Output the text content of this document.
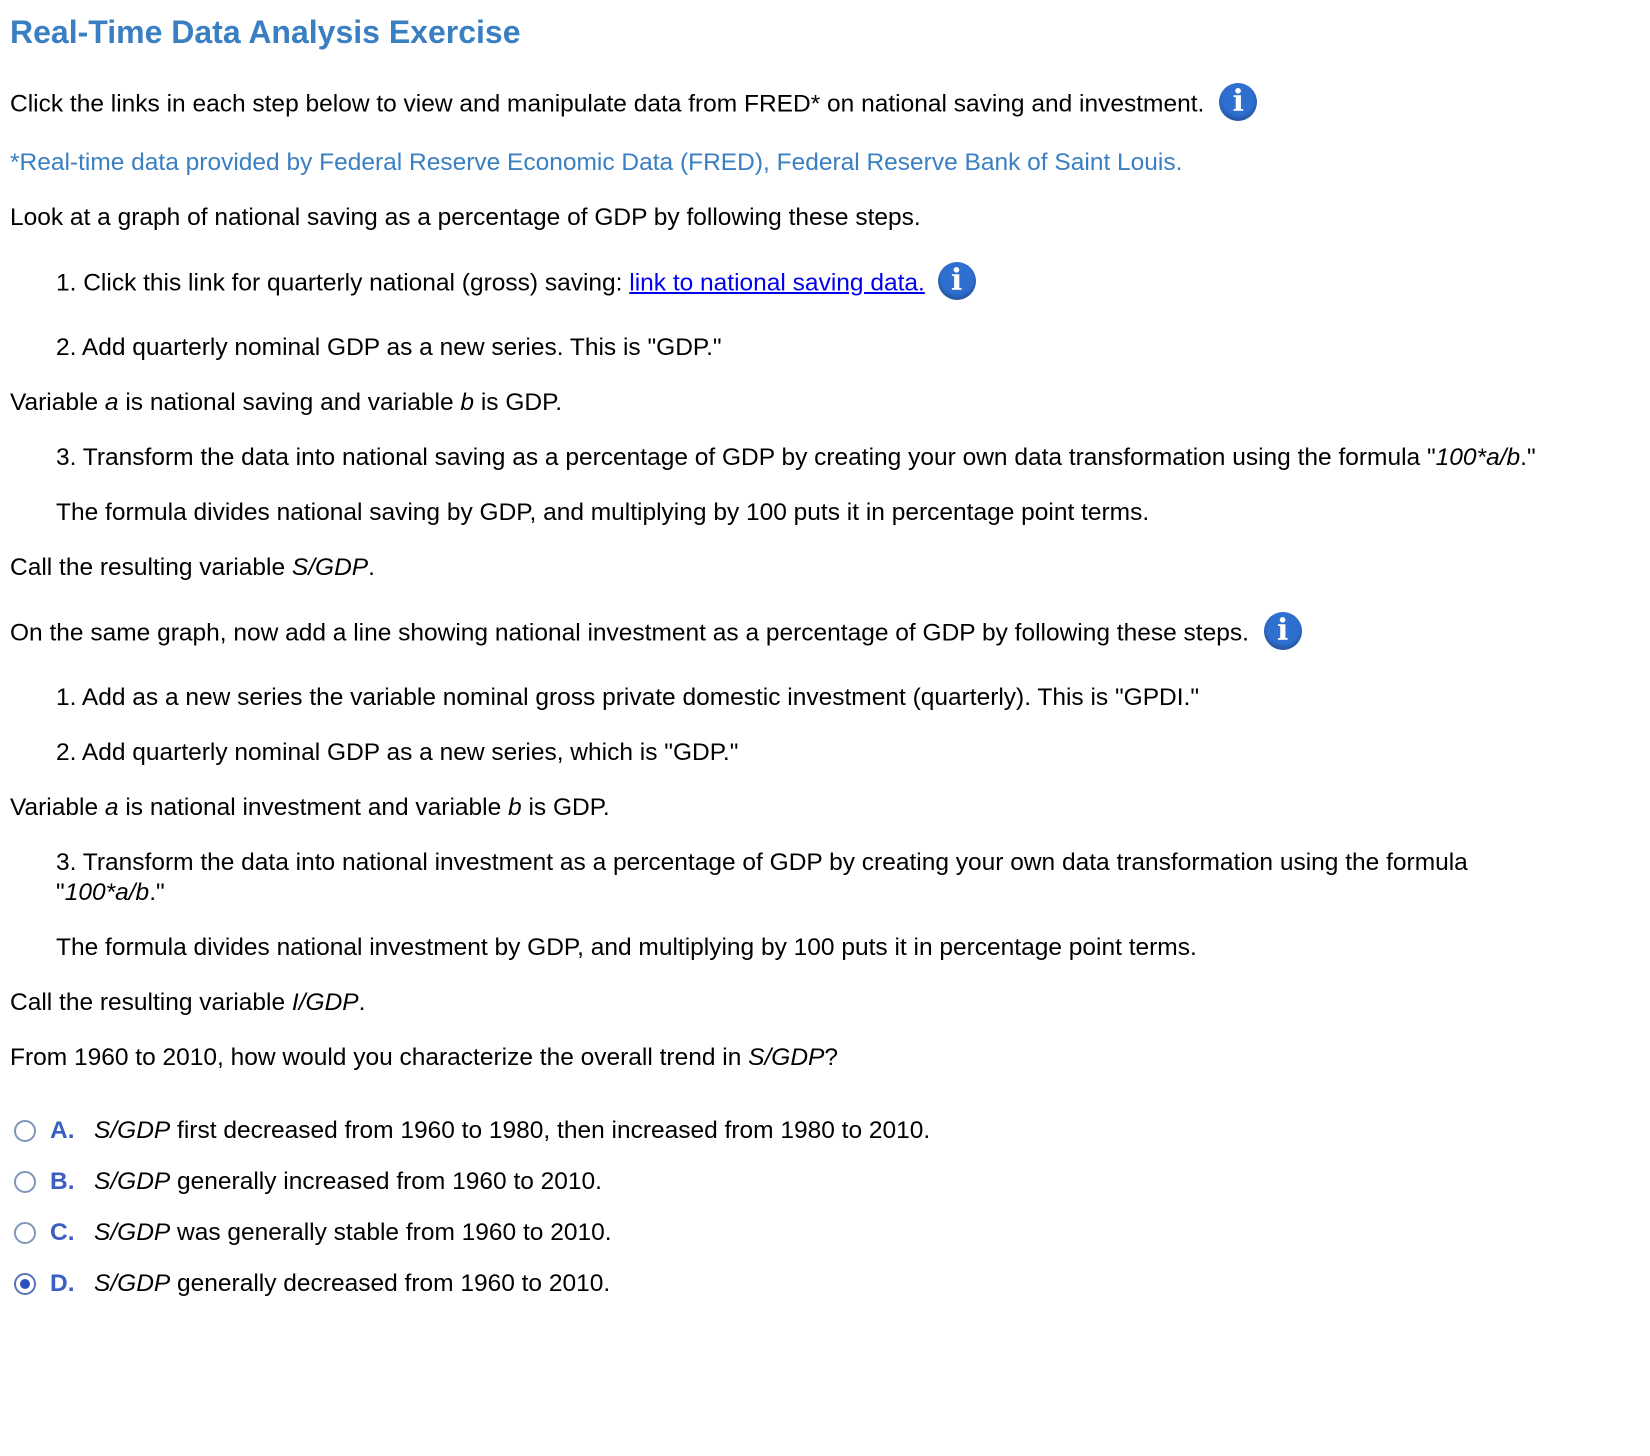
Real-Time Data Analysis Exercise
Click the links in each step below to view and manipulate data from FRED* on national saving and investment. i
*Real-time data provided by Federal Reserve Economic Data (FRED), Federal Reserve Bank of Saint Louis.
Look at a graph of national saving as a percentage of GDP by following these steps.
1. Click this link for quarterly national (gross) saving: link to national saving data. i
2. Add quarterly nominal GDP as a new series. This is "GDP."
Variable a is national saving and variable b is GDP.
3. Transform the data into national saving as a percentage of GDP by creating your own data transformation using the formula "100*a/b."
The formula divides national saving by GDP, and multiplying by 100 puts it in percentage point terms.
Call the resulting variable S/GDP.
On the same graph, now add a line showing national investment as a percentage of GDP by following these steps. i
1. Add as a new series the variable nominal gross private domestic investment (quarterly). This is "GPDI."
2. Add quarterly nominal GDP as a new series, which is "GDP."
Variable a is national investment and variable b is GDP.
3. Transform the data into national investment as a percentage of GDP by creating your own data transformation using the formula
"100*a/b."
The formula divides national investment by GDP, and multiplying by 100 puts it in percentage point terms.
Call the resulting variable I/GDP.
From 1960 to 2010, how would you characterize the overall trend in S/GDP?
A. S/GDP first decreased from 1960 to 1980, then increased from 1980 to 2010.
B. S/GDP generally increased from 1960 to 2010.
C. S/GDP was generally stable from 1960 to 2010.
D. S/GDP generally decreased from 1960 to 2010.
